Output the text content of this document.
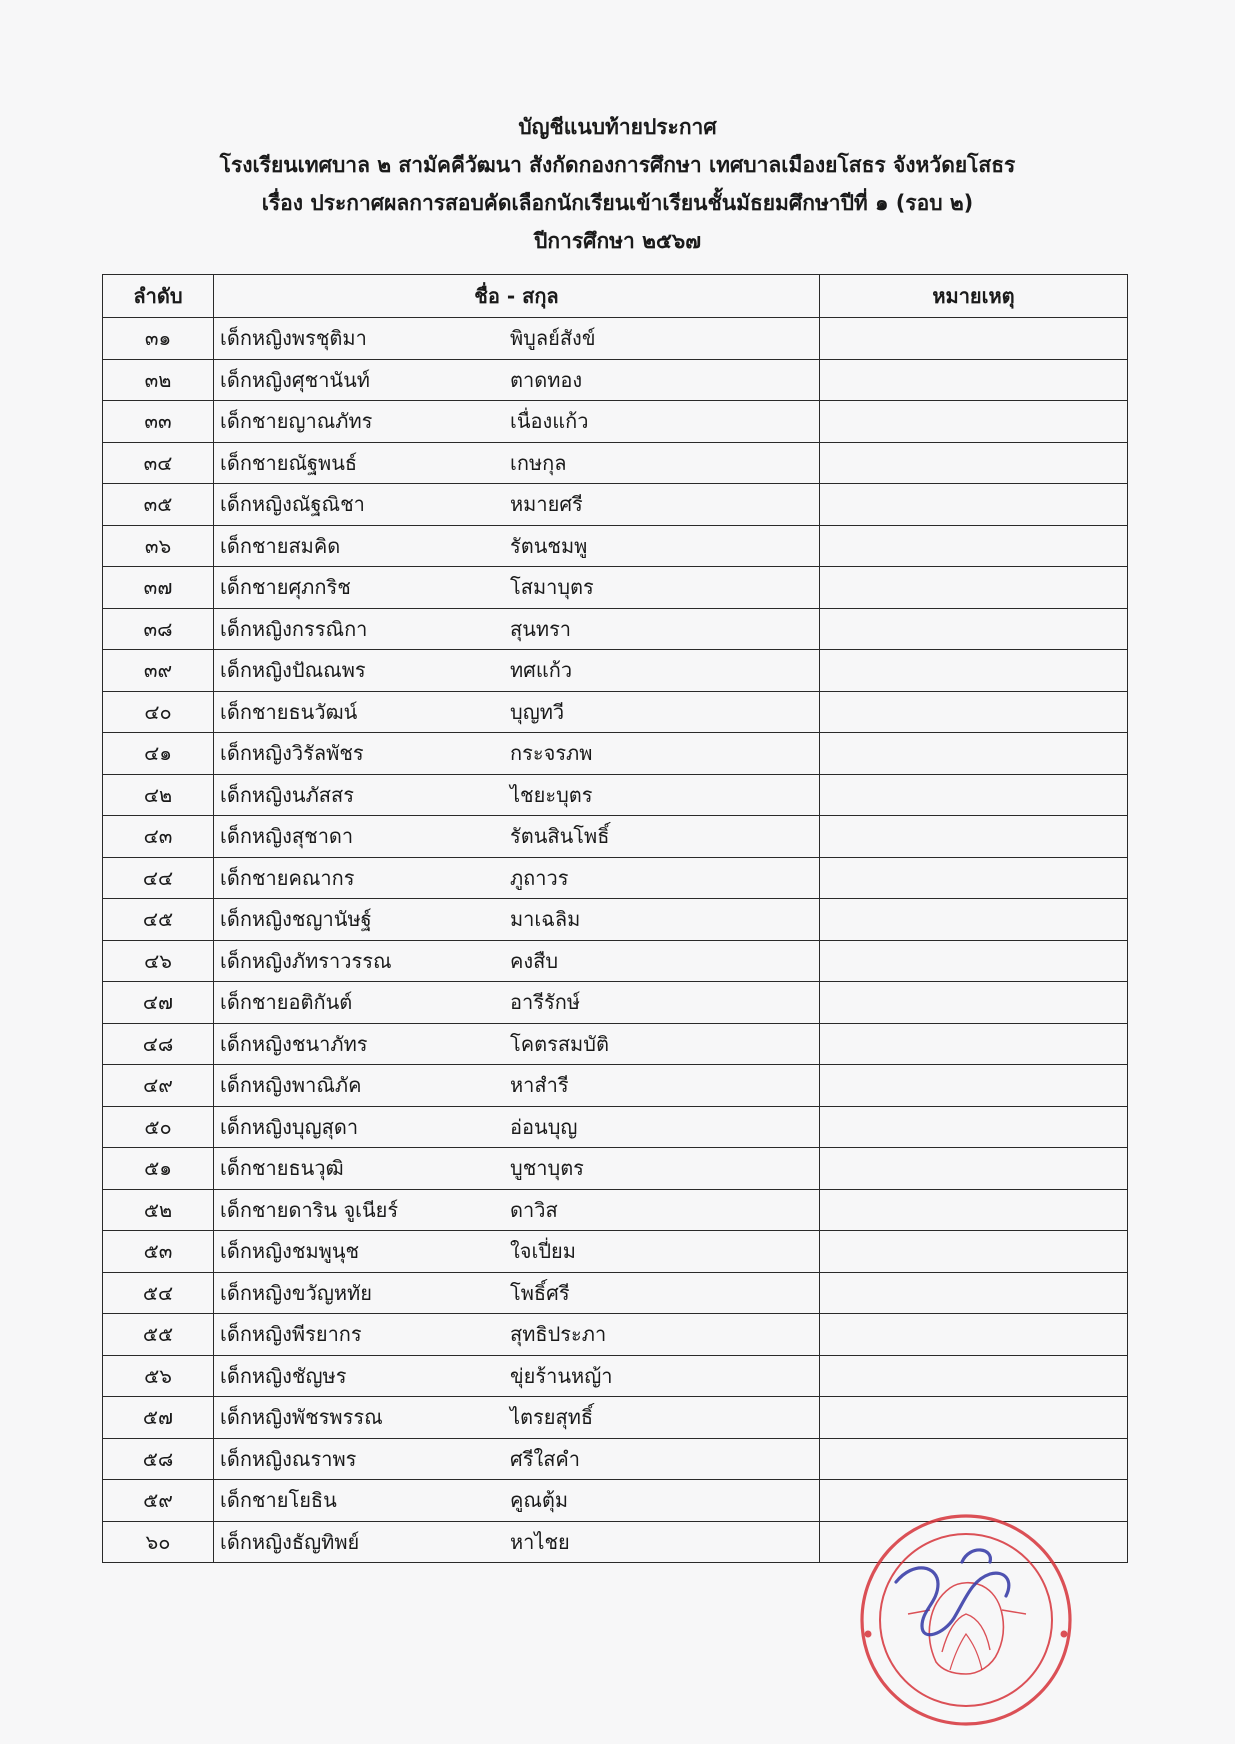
บัญชีแนบท้ายประกาศ
โรงเรียนเทศบาล ๒ สามัคคีวัฒนา สังกัดกองการศึกษา เทศบาลเมืองยโสธร จังหวัดยโสธร
เรื่อง ประกาศผลการสอบคัดเลือกนักเรียนเข้าเรียนชั้นมัธยมศึกษาปีที่ ๑ (รอบ ๒)
ปีการศึกษา ๒๕๖๗
ลำดับ	ชื่อ - สกุล	หมายเหตุ
๓๑	เด็กหญิงพรชุติมา พิบูลย์สังข์	
๓๒	เด็กหญิงศุชานันท์ ตาดทอง	
๓๓	เด็กชายญาณภัทร เนื่องแก้ว	
๓๔	เด็กชายณัฐพนธ์ เกษกุล	
๓๕	เด็กหญิงณัฐณิชา หมายศรี	
๓๖	เด็กชายสมคิด รัตนชมพู	
๓๗	เด็กชายศุภกริช โสมาบุตร	
๓๘	เด็กหญิงกรรณิกา สุนทรา	
๓๙	เด็กหญิงปัณณพร ทศแก้ว	
๔๐	เด็กชายธนวัฒน์ บุญทวี	
๔๑	เด็กหญิงวิรัลพัชร กระจรภพ	
๔๒	เด็กหญิงนภัสสร ไชยะบุตร	
๔๓	เด็กหญิงสุชาดา รัตนสินโพธิ์	
๔๔	เด็กชายคณากร ภูถาวร	
๔๕	เด็กหญิงชญานัษฐ์ มาเฉลิม	
๔๖	เด็กหญิงภัทราวรรณ คงสืบ	
๔๗	เด็กชายอติกันต์ อารีรักษ์	
๔๘	เด็กหญิงชนาภัทร โคตรสมบัติ	
๔๙	เด็กหญิงพาณิภัค หาสำรี	
๕๐	เด็กหญิงบุญสุดา อ่อนบุญ	
๕๑	เด็กชายธนวุฒิ บูชาบุตร	
๕๒	เด็กชายดาริน จูเนียร์ ดาวิส	
๕๓	เด็กหญิงชมพูนุช ใจเปี่ยม	
๕๔	เด็กหญิงขวัญหทัย โพธิ์ศรี	
๕๕	เด็กหญิงพีรยากร สุทธิประภา	
๕๖	เด็กหญิงชัญษร ขุ่ยร้านหญ้า	
๕๗	เด็กหญิงพัชรพรรณ ไตรยสุทธิ์	
๕๘	เด็กหญิงณราพร ศรีใสคำ	
๕๙	เด็กชายโยธิน คูณตุ้ม	
๖๐	เด็กหญิงธัญทิพย์ หาไชย	
